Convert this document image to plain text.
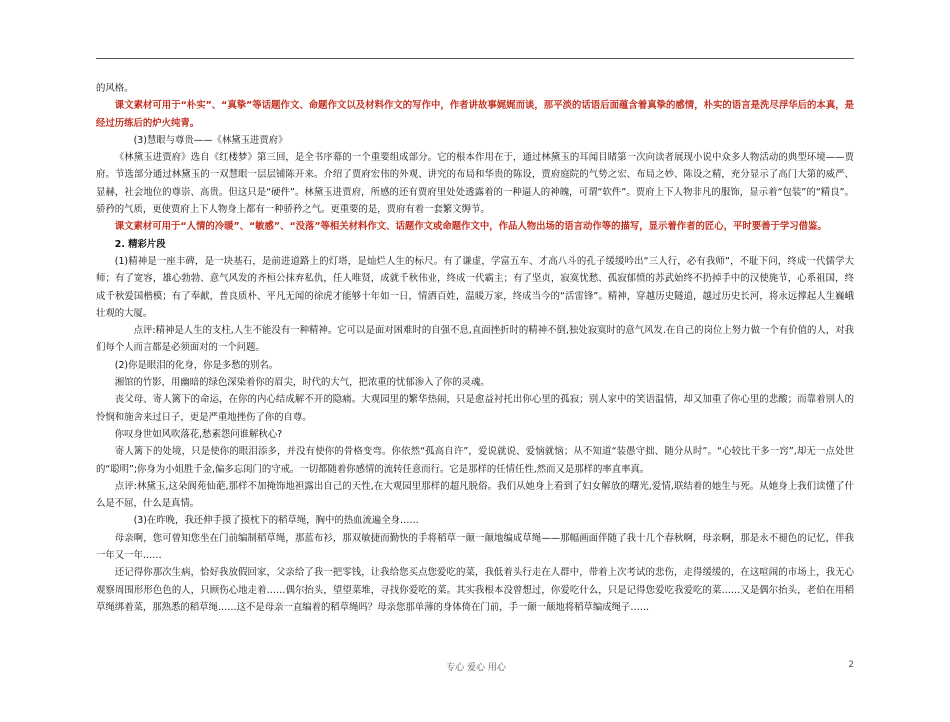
的风格。

课文素材可用于“朴实”、“真挚”等话题作文、命题作文以及材料作文的写作中，作者讲故事娓娓而谈，那平淡的话语后面蕴含着真挚的感情，朴实的语言是洗尽浮华后的本真，是经过历练后的炉火纯青。

(3)慧眼与尊贵——《林黛玉进贾府》

《林黛玉进贾府》选自《红楼梦》第三回，是全书序幕的一个重要组成部分。它的根本作用在于，通过林黛玉的耳闻目睹第一次向读者展现小说中众多人物活动的典型环境——贾府。节选部分通过林黛玉的一双慧眼一层层铺陈开来。介绍了贾府宏伟的外观、讲究的布局和华贵的陈设，贾府庭院的气势之宏、布局之妙、陈设之精，充分显示了高门大第的威严、显赫，社会地位的尊崇、高贵。但这只是“硬件”。林黛玉进贾府，所感的还有贾府里处处透露着的一种逼人的神魄，可谓“软件”。贾府上下人物非凡的服饰，显示着“包装”的“精良”。骄矜的气质，更使贾府上下人物身上都有一种骄矜之气。更重要的是，贾府有着一套繁文缛节。

课文素材可用于“人情的冷暖”、“敏感”、“没落”等相关材料作文、话题作文或命题作文中，作品人物出场的语言动作等的描写，显示着作者的匠心，平时要善于学习借鉴。

2. 精彩片段

(1)精神是一座丰碑，是一块基石，是前进道路上的灯塔，是灿烂人生的标尺。有了谦虚，学富五车、才高八斗的孔子缓缓吟出“三人行，必有我师”，不耻下问，终成一代儒学大师；有了宽容，雄心勃勃、意气风发的齐桓公抹弃私仇，任人唯贤，成就千秋伟业，终成一代霸主；有了坚贞，寂寞忧愁、孤寂郁愤的苏武始终不扔掉手中的汉使旄节，心系祖国，终成千秋爱国楷模；有了奉献，普良质朴、平凡无闻的徐虎才能够十年如一日，情洒百姓，温暖万家，终成当今的“活雷锋”。精神，穿越历史隧道，越过历史长河，将永远撑起人生巍峨壮观的大厦。

点评:精神是人生的支柱,人生不能没有一种精神。它可以是面对困难时的自强不息,直面挫折时的精神不倒,独处寂寞时的意气风发.在自己的岗位上努力做一个有价值的人，对我们每个人而言都是必须面对的一个问题。

(2)你是眼泪的化身，你是多愁的别名。

湘馆的竹影，用幽暗的绿色深染着你的眉尖，时代的大气，把浓重的忧郁渗入了你的灵魂。

丧父母、寄人篱下的命运，在你的内心结成解不开的隐痛。大观园里的繁华热闹，只是愈益衬托出你心里的孤寂；别人家中的笑语温情，却又加重了你心里的悲酸；而靠着别人的怜悯和施舍来过日子，更是严重地挫伤了你的自尊。

你叹身世如风吹落花,愁素怨问谁解秋心?

寄人篱下的处境，只是使你的眼泪添多，并没有使你的骨格变弯。你依然“孤高自许”，爱说就说、爱恼就恼；从不知道“装愚守拙、随分从时”。“心较比干多一窍”,却无一点处世的“聪明”;你身为小姐胜千金,偏多忘闺门的守戒。一切都随着你感情的流转任意而行。它是那样的任情任性,然而又是那样的率直率真。

点评:林黛玉,这朵阆苑仙葩,那样不加掩饰地袒露出自己的天性,在大观园里那样的超凡脱俗。我们从她身上看到了妇女解放的曙光,爱情,联结着的她生与死。从她身上我们读懂了什么是不屈，什么是真情。

(3)在昨晚，我还伸手摸了摸枕下的稻草绳，胸中的热血流遍全身……

母亲啊，您可曾知您坐在门前编制稻草绳，那蓝布衫，那双敏捷而勤快的手将稻草一颠一颠地编成草绳——那幅画面伴随了我十几个春秋啊，母亲啊，那是永不褪色的记忆，伴我一年又一年……

还记得你那次生病，恰好我放假回家，父亲给了我一把零钱，让我给您买点您爱吃的菜，我低着头行走在人群中，带着上次考试的悲伤，走得缓缓的，在这喧闹的市场上，我无心观察周围形形色色的人，只顾伤心地走着……偶尔抬头，望望菜堆，寻找你爱吃的菜。其实我根本没曾想过，你爱吃什么，只是记得您爱吃我爱吃的菜……又是偶尔抬头，老伯在用稻草绳绑着菜，那熟悉的稻草绳……这不是母亲一直编着的稻草绳吗？母亲您那单薄的身体倚在门前，手一颠一颠地将稻草编成绳子……

专心 爱心 用心	2
